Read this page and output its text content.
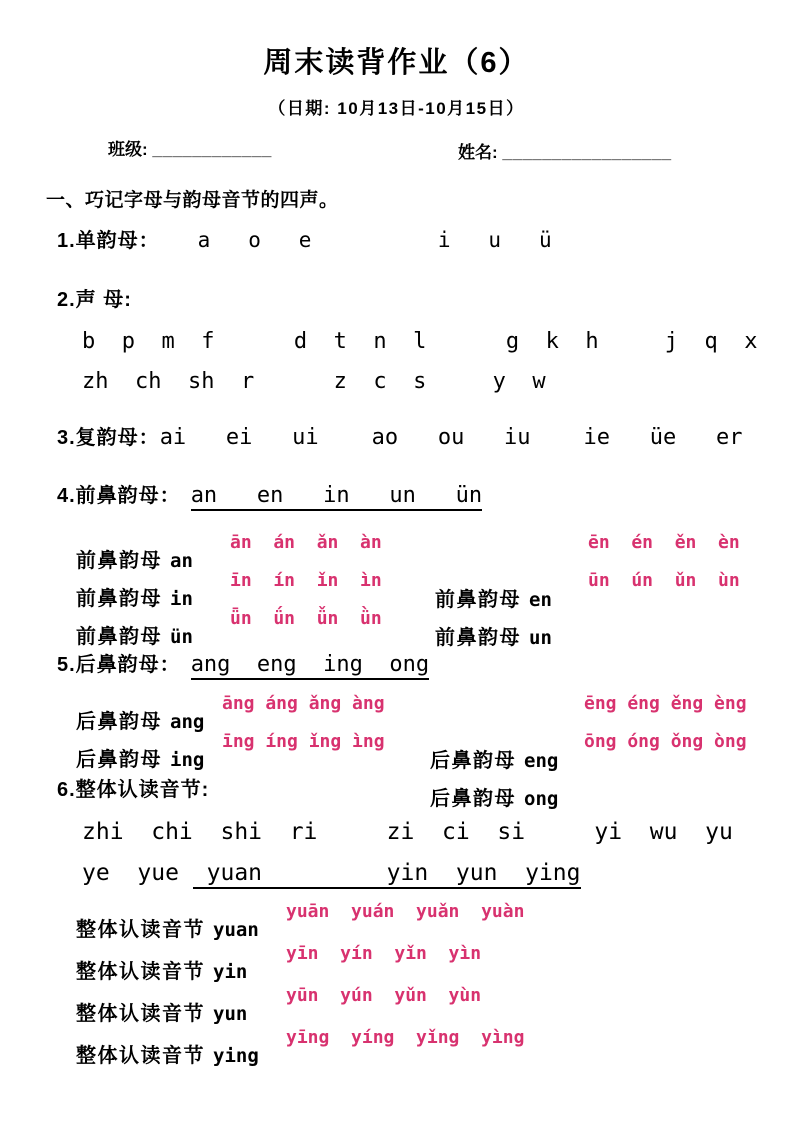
周末读背作业（6）
（日期: 10月13日-10月15日）
班级: ____________	姓名: _________________
一、巧记字母与韵母音节的四声。
1.单韵母：   a   o   e          i   u   ü
2.声 母:
b  p  m  f      d  t  n  l      g  k  h     j  q  x
zh  ch  sh  r      z  c  s     y  w
3.复韵母：ai   ei   ui    ao   ou   iu    ie   üe   er
4.前鼻韵母： an   en   in   un   ün

前鼻韵母 an

ān  án  ǎn  àn

前鼻韵母 en

ēn  én  ěn  èn

前鼻韵母 in

īn  ín  ǐn  ìn

前鼻韵母 un

ūn  ún  ǔn  ùn

前鼻韵母 ün

ǖn  ǘn  ǚn  ǜn

5.后鼻韵母： ang  eng  ing  ong

后鼻韵母 ang

āng áng ǎng àng

后鼻韵母 eng

ēng éng ěng èng

后鼻韵母 ing

īng íng ǐng ìng

后鼻韵母 ong

ōng óng ǒng òng

6.整体认读音节:
zhi  chi  shi  ri     zi  ci  si     yi  wu  yu
ye  yue  yuan         yin  yun  ying

整体认读音节 yuan

yuān  yuán  yuǎn  yuàn

整体认读音节 yin

yīn  yín  yǐn  yìn

整体认读音节 yun

yūn  yún  yǔn  yùn

整体认读音节 ying

yīng  yíng  yǐng  yìng
